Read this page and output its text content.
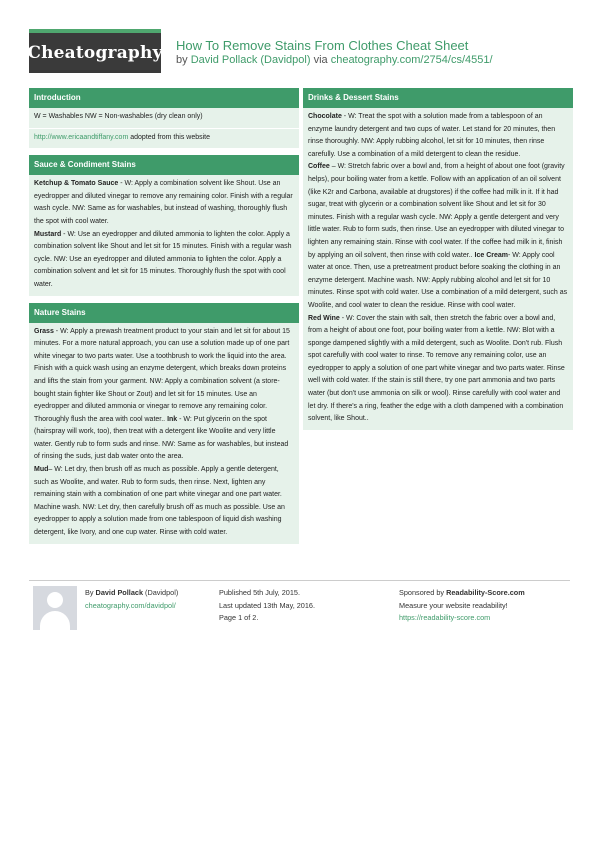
Cheatography How To Remove Stains From Clothes Cheat Sheet
by David Pollack (Davidpol) via cheatography.com/2754/cs/4551/
Introduction
W = Washables NW = Non-washables (dry clean only)
http://www.ericaandtiffany.com adopted from this website
Sauce & Condiment Stains
Ketchup & Tomato Sauce - W: Apply a combination solvent like Shout. Use an eyedropper and diluted vinegar to remove any remaining color. Finish with a regular wash cycle. NW: Same as for washables, but instead of washing, thoroughly flush the spot with cool water.
Mustard - W: Use an eyedropper and diluted ammonia to lighten the color. Apply a combination solvent like Shout and let sit for 15 minutes. Finish with a regular wash cycle. NW: Use an eyedropper and diluted ammonia to lighten the color. Apply a combination solvent and let sit for 15 minutes. Thoroughly flush the spot with cool water.
Nature Stains
Grass - W: Apply a prewash treatment product to your stain and let sit for about 15 minutes. For a more natural approach, you can use a solution made up of one part white vinegar to two parts water. Use a toothbrush to work the liquid into the area. Finish with a quick wash using an enzyme detergent, which breaks down proteins and lifts the stain from your garment. NW: Apply a combination solvent (a store-bought stain fighter like Shout or Zout) and let sit for 15 minutes. Use an eyedropper and diluted ammonia or vinegar to remove any remaining color. Thoroughly flush the area with cool water.. Ink - W: Put glycerin on the spot (hairspray will work, too), then treat with a detergent like Woolite and very little water. Gently rub to form suds and rinse. NW: Same as for washables, but instead of rinsing the suds, just dab water onto the area.
Mud– W: Let dry, then brush off as much as possible. Apply a gentle detergent, such as Woolite, and water. Rub to form suds, then rinse. Next, lighten any remaining stain with a combination of one part white vinegar and one part water. Machine wash. NW: Let dry, then carefully brush off as much as possible. Use an eyedropper to apply a solution made from one tablespoon of liquid dish washing detergent, like Ivory, and one cup water. Rinse with cold water.
Drinks & Dessert Stains
Chocolate - W: Treat the spot with a solution made from a tablespoon of an enzyme laundry detergent and two cups of water. Let stand for 20 minutes, then rinse thoroughly. NW: Apply rubbing alcohol, let sit for 10 minutes, then rinse carefully. Use a combination of a mild detergent to clean the residue.
Coffee – W: Stretch fabric over a bowl and, from a height of about one foot (gravity helps), pour boiling water from a kettle. Follow with an application of an oil solvent (like K2r and Carbona, available at drugstores) if the coffee had milk in it. If it had sugar, treat with glycerin or a combination solvent like Shout and let sit for 30 minutes. Finish with a regular wash cycle. NW: Apply a gentle detergent and very little water. Rub to form suds, then rinse. Use an eyedropper with diluted vinegar to lighten any remaining stain. Rinse with cool water. If the coffee had milk in it, finish by applying an oil solvent, then rinse with cold water.. Ice Cream- W: Apply cool water at once. Then, use a pretreatment product before soaking the clothing in an enzyme detergent. Machine wash. NW: Apply rubbing alcohol and let sit for 10 minutes. Rinse spot with cold water. Use a combination of a mild detergent, such as Woolite, and cool water to clean the residue. Rinse with cool water.
Red Wine - W: Cover the stain with salt, then stretch the fabric over a bowl and, from a height of about one foot, pour boiling water from a kettle. NW: Blot with a sponge dampened slightly with a mild detergent, such as Woolite. Don't rub. Flush spot carefully with cool water to rinse. To remove any remaining color, use an eyedropper to apply a solution of one part white vinegar and two parts water. Rinse well with cold water. If the stain is still there, try one part ammonia and two parts water (but don't use ammonia on silk or wool). Rinse carefully with cool water and let dry. If there's a ring, feather the edge with a cloth dampened with a combination solvent, like Shout..
By David Pollack (Davidpol)
cheatography.com/davidpol/
Published 5th July, 2015.
Last updated 13th May, 2016.
Page 1 of 2.
Sponsored by Readability-Score.com
Measure your website readability!
https://readability-score.com
